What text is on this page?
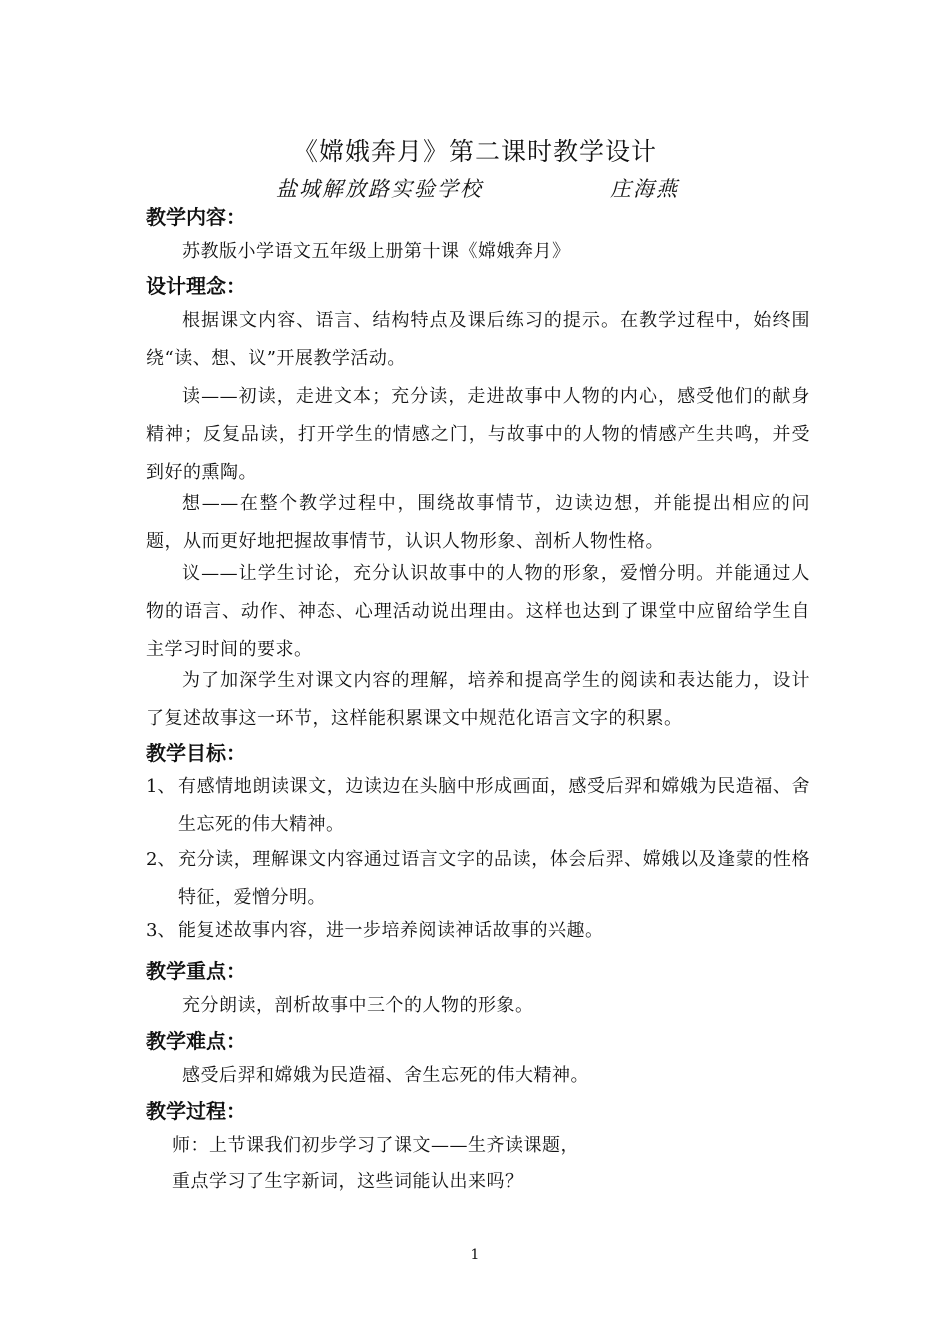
《嫦娥奔月》第二课时教学设计
盐城解放路实验学校	庄海燕
教学内容：
苏教版小学语文五年级上册第十课《嫦娥奔月》
设计理念：
根据课文内容、语言、结构特点及课后练习的提示。在教学过程中，始终围绕“读、想、议”开展教学活动。
读——初读，走进文本；充分读，走进故事中人物的内心，感受他们的献身精神；反复品读，打开学生的情感之门，与故事中的人物的情感产生共鸣，并受到好的熏陶。
想——在整个教学过程中，围绕故事情节，边读边想，并能提出相应的问题，从而更好地把握故事情节，认识人物形象、剖析人物性格。
议——让学生讨论，充分认识故事中的人物的形象，爱憎分明。并能通过人物的语言、动作、神态、心理活动说出理由。这样也达到了课堂中应留给学生自主学习时间的要求。
为了加深学生对课文内容的理解，培养和提高学生的阅读和表达能力，设计了复述故事这一环节，这样能积累课文中规范化语言文字的积累。
教学目标：
1、 有感情地朗读课文，边读边在头脑中形成画面，感受后羿和嫦娥为民造福、舍生忘死的伟大精神。
2、 充分读，理解课文内容通过语言文字的品读，体会后羿、嫦娥以及逢蒙的性格特征，爱憎分明。
3、 能复述故事内容，进一步培养阅读神话故事的兴趣。
教学重点：
充分朗读，剖析故事中三个的人物的形象。
教学难点：
感受后羿和嫦娥为民造福、舍生忘死的伟大精神。
教学过程：
师：上节课我们初步学习了课文——生齐读课题，
重点学习了生字新词，这些词能认出来吗？
1
